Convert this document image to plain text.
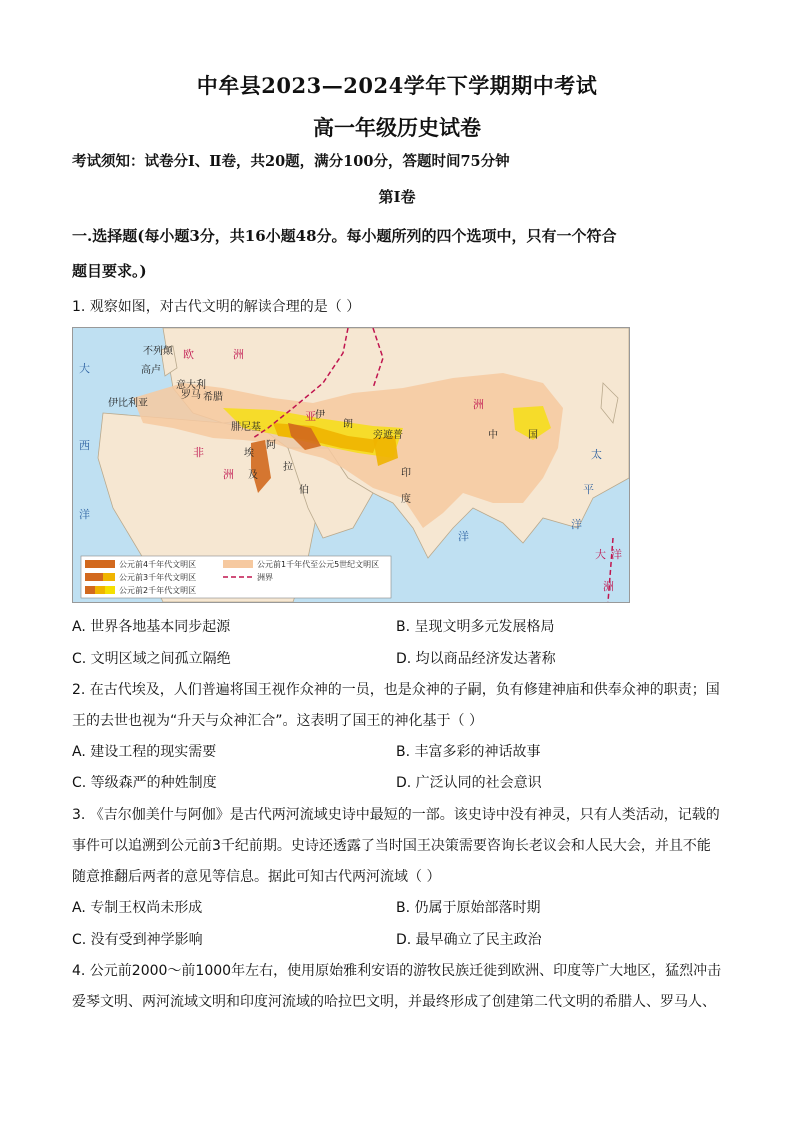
中牟县2023—2024学年下学期期中考试
高一年级历史试卷
考试须知：试卷分Ⅰ、Ⅱ卷，共20题，满分100分，答题时间75分钟
第Ⅰ卷
一.选择题(每小题3分，共16小题48分。每小题所列的四个选项中，只有一个符合
题目要求。)
1. 观察如图，对古代文明的解读合理的是（ ）
不列颠
高卢
伊比利亚
意大利
希腊
腓尼基
阿
拉
伯
埃
及
伊
朗
旁遮普
印
度
中	国
罗马
大
西
洋
太
平
洋
洋
欧	洲
亚
洲
非
洲
大 洋
洲
公元前4千年代文明区
公元前3千年代文明区
公元前2千年代文明区
公元前1千年代至公元5世纪文明区
洲界
A. 世界各地基本同步起源	B. 呈现文明多元发展格局
C. 文明区域之间孤立隔绝	D. 均以商品经济发达著称
2. 在古代埃及，人们普遍将国王视作众神的一员，也是众神的子嗣，负有修建神庙和供奉众神的职责；国
王的去世也视为“升天与众神汇合”。这表明了国王的神化基于（ ）
A. 建设工程的现实需要	B. 丰富多彩的神话故事
C. 等级森严的种姓制度	D. 广泛认同的社会意识
3. 《吉尔伽美什与阿伽》是古代两河流域史诗中最短的一部。该史诗中没有神灵，只有人类活动，记载的
事件可以追溯到公元前3千纪前期。史诗还透露了当时国王决策需要咨询长老议会和人民大会，并且不能
随意推翻后两者的意见等信息。据此可知古代两河流域（ ）
A. 专制王权尚未形成	B. 仍属于原始部落时期
C. 没有受到神学影响	D. 最早确立了民主政治
4. 公元前2000～前1000年左右，使用原始雅利安语的游牧民族迁徙到欧洲、印度等广大地区，猛烈冲击
爱琴文明、两河流域文明和印度河流域的哈拉巴文明，并最终形成了创建第二代文明的希腊人、罗马人、
